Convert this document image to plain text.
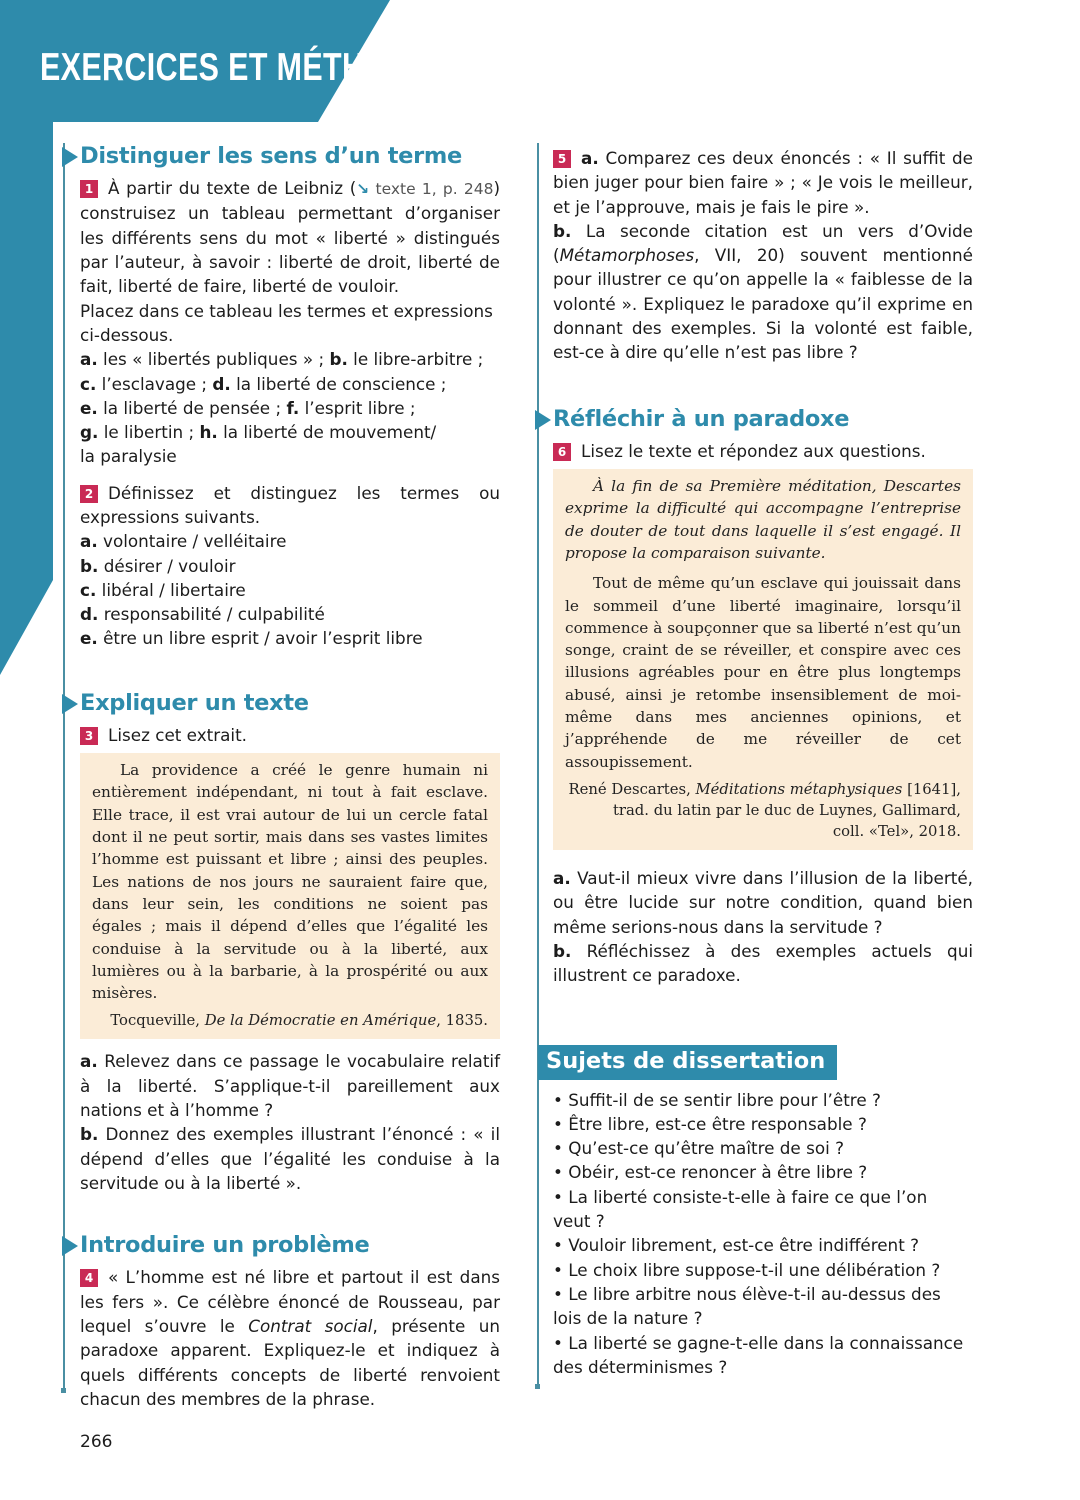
EXERCICES ET MÉTHODES
Distinguer les sens d’un terme

1 À partir du texte de Leibniz (↘ texte 1, p. 248) construisez un tableau permettant d’organiser les différents sens du mot « liberté » distingués par l’auteur, à savoir : liberté de droit, liberté de fait, liberté de faire, liberté de vouloir.

Placez dans ce tableau les termes et expressions ci-dessous.

a. les « libertés publiques » ; b. le libre-arbitre ;

c. l’esclavage ; d. la liberté de conscience ;

e. la liberté de pensée ; f. l’esprit libre ;

g. le libertin ; h. la liberté de mouvement/

la paralysie

2 Définissez et distinguez les termes ou expressions suivants.

a. volontaire / velléitaire

b. désirer / vouloir

c. libéral / libertaire

d. responsabilité / culpabilité

e. être un libre esprit / avoir l’esprit libre

Expliquer un texte

3 Lisez cet extrait.

La providence a créé le genre humain ni entièrement indépendant, ni tout à fait esclave. Elle trace, il est vrai autour de lui un cercle fatal dont il ne peut sortir, mais dans ses vastes limites l’homme est puissant et libre ; ainsi des peuples. Les nations de nos jours ne sauraient faire que, dans leur sein, les conditions ne soient pas égales ; mais il dépend d’elles que l’égalité les conduise à la servitude ou à la liberté, aux lumières ou à la barbarie, à la prospérité ou aux misères.

Tocqueville, De la Démocratie en Amérique, 1835.

a. Relevez dans ce passage le vocabulaire relatif à la liberté. S’applique-t-il pareillement aux nations et à l’homme ?

b. Donnez des exemples illustrant l’énoncé : « il dépend d’elles que l’égalité les conduise à la servitude ou à la liberté ».

Introduire un problème

4 « L’homme est né libre et partout il est dans les fers ». Ce célèbre énoncé de Rousseau, par lequel s’ouvre le Contrat social, présente un paradoxe apparent. Expliquez-le et indiquez à quels différents concepts de liberté renvoient chacun des membres de la phrase.

5 a. Comparez ces deux énoncés : « Il suffit de bien juger pour bien faire » ; « Je vois le meilleur, et je l’approuve, mais je fais le pire ».

b. La seconde citation est un vers d’Ovide (Métamorphoses, VII, 20) souvent mentionné pour illustrer ce qu’on appelle la « faiblesse de la volonté ». Expliquez le paradoxe qu’il exprime en donnant des exemples. Si la volonté est faible, est-ce à dire qu’elle n’est pas libre ?

Réfléchir à un paradoxe

6 Lisez le texte et répondez aux questions.

À la fin de sa Première méditation, Descartes exprime la difficulté qui accompagne l’entreprise de douter de tout dans laquelle il s’est engagé. Il propose la comparaison suivante.

Tout de même qu’un esclave qui jouissait dans le sommeil d’une liberté imaginaire, lorsqu’il commence à soupçonner que sa liberté n’est qu’un songe, craint de se réveiller, et conspire avec ces illusions agréables pour en être plus longtemps abusé, ainsi je retombe insensiblement de moi-même dans mes anciennes opinions, et j’appréhende de me réveiller de cet assoupissement.

René Descartes, Méditations métaphysiques [1641],
trad. du latin par le duc de Luynes, Gallimard,
coll. «Tel», 2018.

a. Vaut-il mieux vivre dans l’illusion de la liberté, ou être lucide sur notre condition, quand bien même serions-nous dans la servitude ?

b. Réfléchissez à des exemples actuels qui illustrent ce paradoxe.

Sujets de dissertation
• Suffit-il de se sentir libre pour l’être ?
• Être libre, est-ce être responsable ?
• Qu’est-ce qu’être maître de soi ?
• Obéir, est-ce renoncer à être libre ?
• La liberté consiste-t-elle à faire ce que l’on veut ?
• Vouloir librement, est-ce être indifférent ?
• Le choix libre suppose-t-il une délibération ?
• Le libre arbitre nous élève-t-il au-dessus des lois de la nature ?
• La liberté se gagne-t-elle dans la connaissance des déterminismes ?
266
